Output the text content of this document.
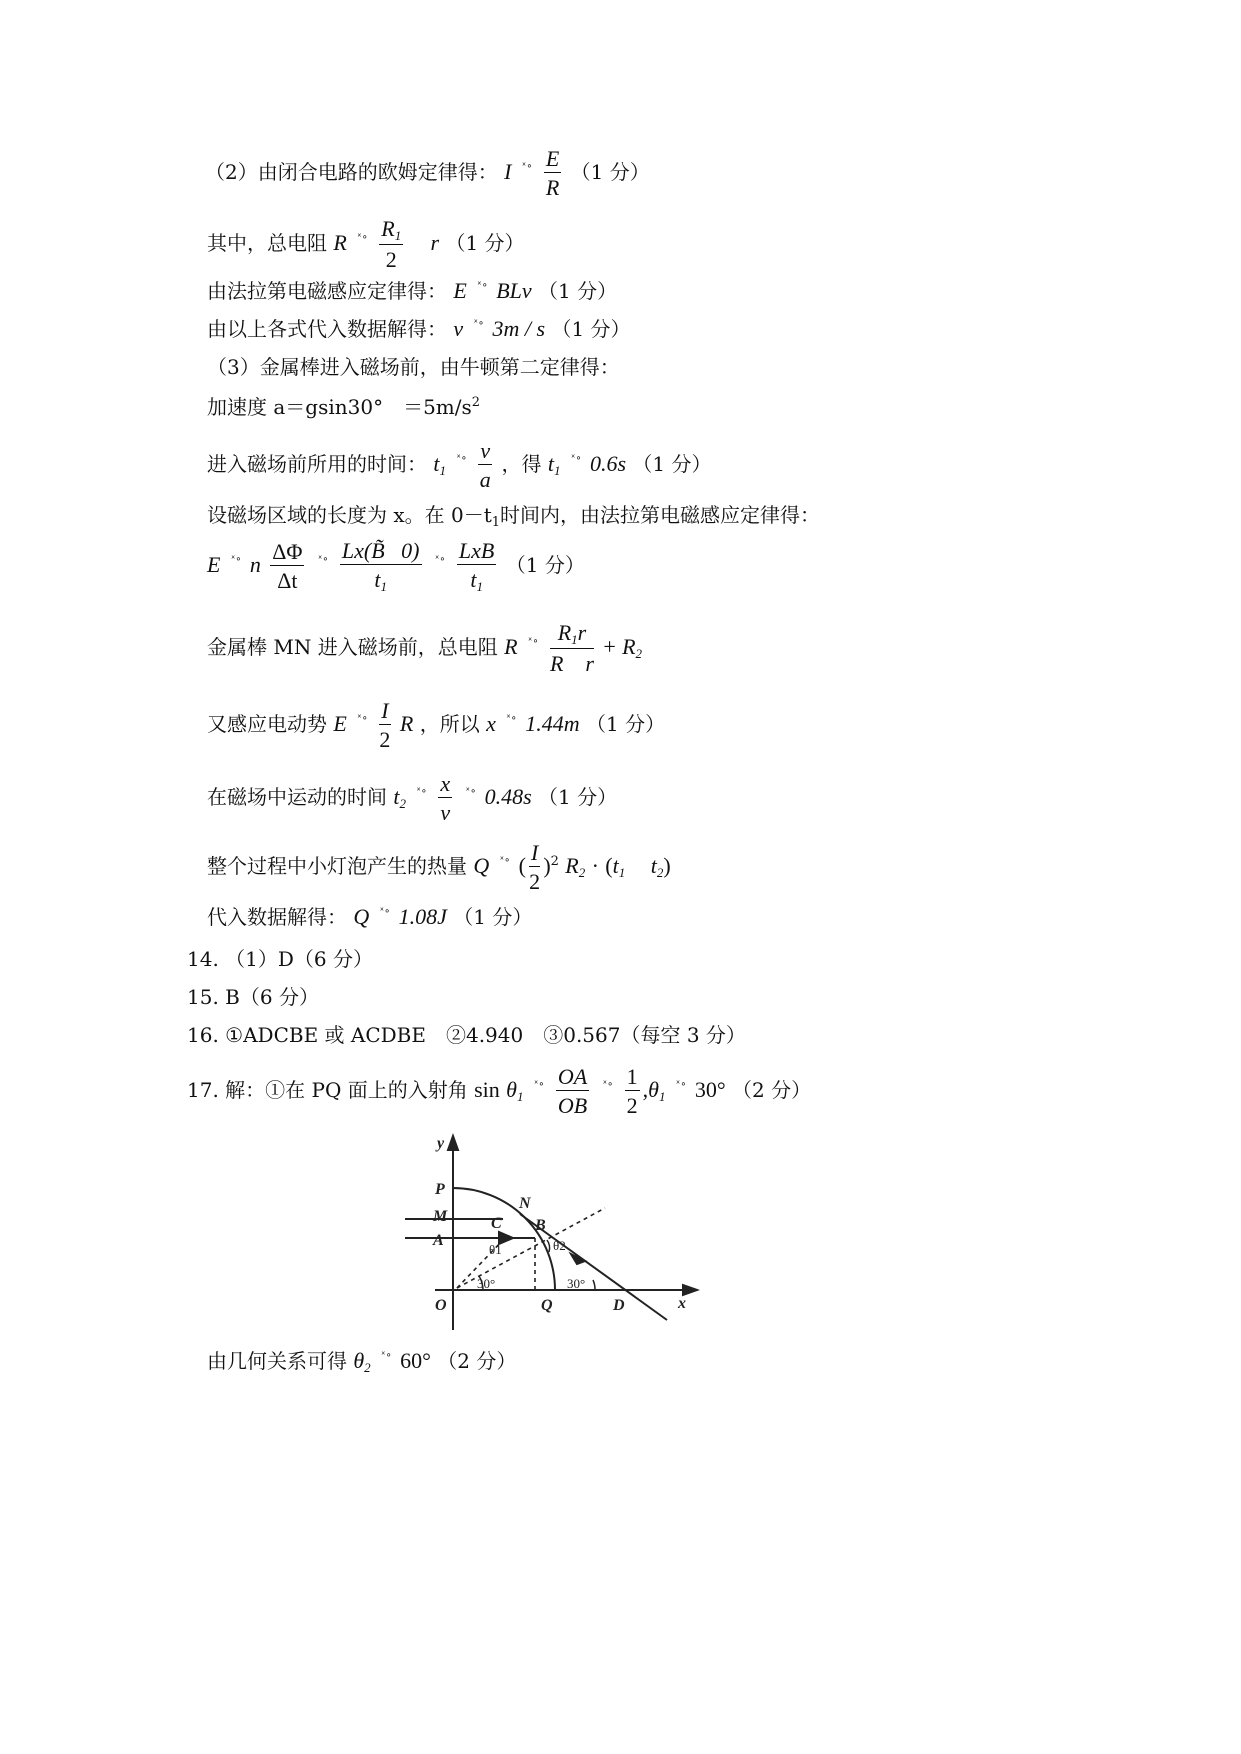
（2）由闭合电路的欧姆定律得： I $^{ˣ\circ} \frac{E}{R} (1$ 分）
其中，总电阻 R $^{ˣ\circ} \frac{R_1}{2}$ r （1 分）
由法拉第电磁感应定律得： E $^{ˣ\circ}$ BLv （1 分）
由以上各式代入数据解得： v $^{ˣ\circ}$ 3m / s （1 分）
（3）金属棒进入磁场前，由牛顿第二定律得：
加速度 a＝gsin30°　$=5m/s^2$
进入磁场前所用的时间： $t_1$ $^{ˣ\circ} \frac{v}{a}$ ，得 $t_1$ $^{ˣ\circ}$ 0.6s （1 分）
设磁场区域的长度为 x。在 $0-t_1$时间内，由法拉第电磁感应定律得：
E $^{ˣ\circ}$ n $\frac{\Delta\Phi}{\Delta t} ^{ˣ\circ} \frac{Lx(B̃ 0)}{t_1} ^{ˣ\circ} \frac{\text{LxB}}{t_1} (1$ 分）
金属棒 MN 进入磁场前，总电阻 R $^{ˣ\circ} \frac{R_1r}{\text{R r}} + R_2$
又感应电动势 E $^{ˣ\circ} \frac{I}{2}$ R ，所以 x $^{ˣ\circ}$ 1.44m （1 分）
在磁场中运动的时间 $t_2$ $^{ˣ\circ} \frac{x}{v} ^{ˣ\circ}$ 0.48s （1 分）
整个过程中小灯泡产生的热量 Q $^{ˣ\circ}$ ( $\frac{I}{2} )^2$ $R_2 \cdot (t_1$ $t_2$)
代入数据解得： Q $^{ˣ\circ}$ 1.08J （1 分）
14. （1）D（6 分）
15. B（6 分）
16. ①ADCBE 或 ACDBE　②4.940　③0.567（每空 3 分）
17. 解：①在 PQ 面上的入射角 $\sin \theta_1$ $^{ˣ\circ} \frac{OA}{OB} ^{ˣ\circ} \frac{1}{2} ,\theta_1$ $^{ˣ\circ}$ 30° （2 分）
y
x
P
M
A
O	Q	D
N
C B
θ1	θ2
30°	30°
由几何关系可得 $\theta_2$ $^{ˣ\circ}$ 60° （2 分）
